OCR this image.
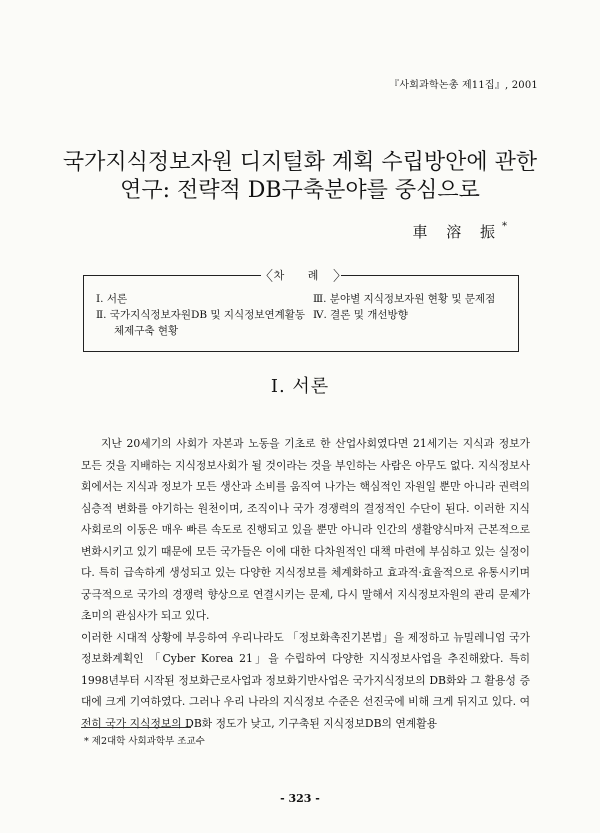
『사회과학논총 제11집』, 2001
국가지식정보자원 디지털화 계획 수립방안에 관한
연구: 전략적 DB구축분야를 중심으로
車 溶 振*
〈 차 례 〉
Ⅰ. 서론
Ⅱ. 국가지식정보자원DB 및 지식정보연계활동
체제구축 현황
Ⅲ. 분야별 지식정보자원 현황 및 문제점
Ⅳ. 결론 및 개선방향
Ⅰ. 서론

지난 20세기의 사회가 자본과 노동을 기초로 한 산업사회였다면 21세기는 지식과 정보가 모든 것을 지배하는 지식정보사회가 될 것이라는 것을 부인하는 사람은 아무도 없다. 지식정보사회에서는 지식과 정보가 모든 생산과 소비를 움직여 나가는 핵심적인 자원일 뿐만 아니라 권력의 심층적 변화를 야기하는 원천이며, 조직이나 국가 경쟁력의 결정적인 수단이 된다. 이러한 지식사회로의 이동은 매우 빠른 속도로 진행되고 있을 뿐만 아니라 인간의 생활양식마저 근본적으로 변화시키고 있기 때문에 모든 국가들은 이에 대한 다차원적인 대책 마련에 부심하고 있는 실정이다. 특히 급속하게 생성되고 있는 다양한 지식정보를 체계화하고 효과적·효율적으로 유통시키며 궁극적으로 국가의 경쟁력 향상으로 연결시키는 문제, 다시 말해서 지식정보자원의 관리 문제가 초미의 관심사가 되고 있다.

이러한 시대적 상황에 부응하여 우리나라도 「정보화촉진기본법」을 제정하고 뉴밀레니엄 국가정보화계획인 「Cyber Korea 21」을 수립하여 다양한 지식정보사업을 추진해왔다. 특히 1998년부터 시작된 정보화근로사업과 정보화기반사업은 국가지식정보의 DB화와 그 활용성 증대에 크게 기여하였다. 그러나 우리 나라의 지식정보 수준은 선진국에 비해 크게 뒤지고 있다. 여전히 국가 지식정보의 DB화 정도가 낮고, 기구축된 지식정보DB의 연계활용

* 제2대학 사회과학부 조교수
- 323 -
